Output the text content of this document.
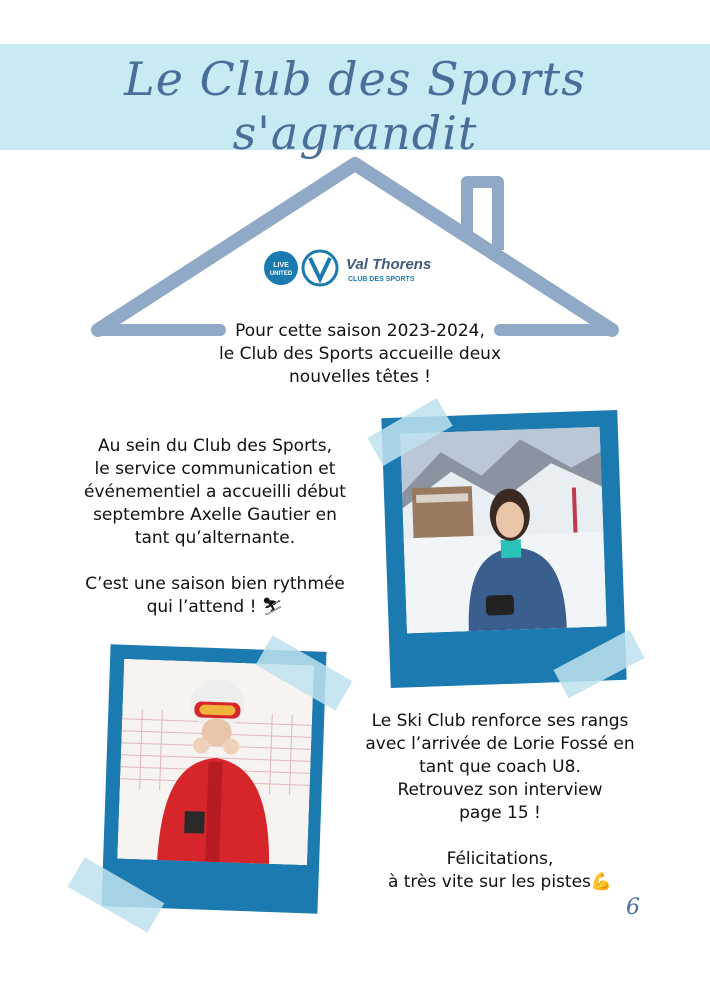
Le Club des Sports s'agrandit
LIVE
UNITED
Val Thorens
CLUB DES SPORTS
Pour cette saison 2023-2024,
le Club des Sports accueille deux
nouvelles têtes !
Au sein du Club des Sports,
le service communication et
événementiel a accueilli début
septembre Axelle Gautier en
tant qu’alternante.
C’est une saison bien rythmée
qui l’attend ! ⛷
Le Ski Club renforce ses rangs
avec l’arrivée de Lorie Fossé en
tant que coach U8.
Retrouvez son interview
page 15 !
Félicitations,
à très vite sur les pistes💪
6
